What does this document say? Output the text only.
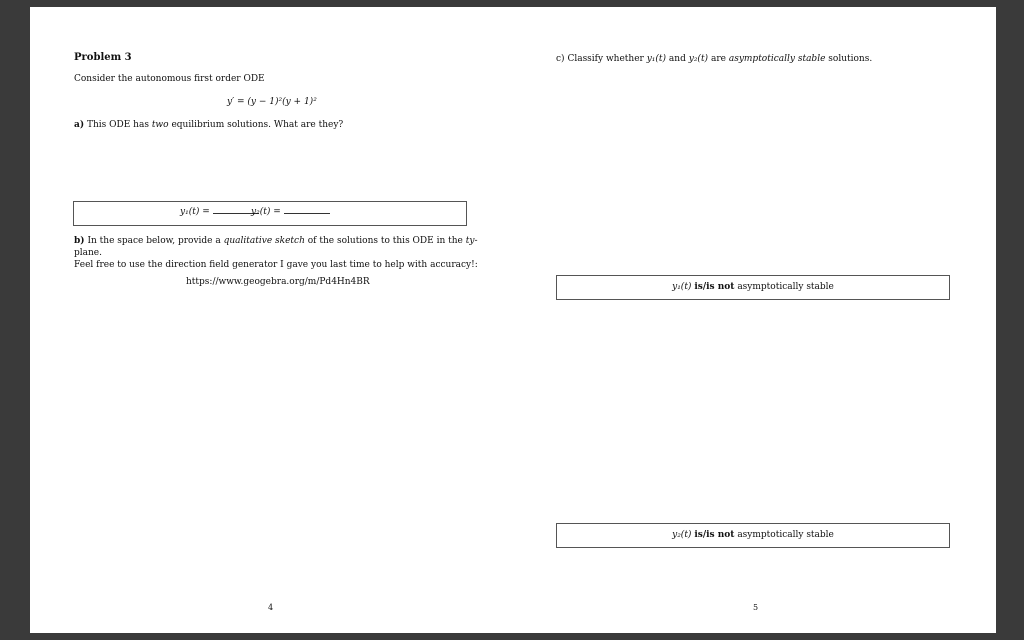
Problem 3
Consider the autonomous first order ODE
y′ = (y − 1)²(y + 1)²
a) This ODE has two equilibrium solutions. What are they?
y₁(t) =	y₂(t) =
b) In the space below, provide a qualitative sketch of the solutions to this ODE in the ty-plane.
Feel free to use the direction field generator I gave you last time to help with accuracy!:
https://www.geogebra.org/m/Pd4Hn4BR
4
c) Classify whether y₁(t) and y₂(t) are asymptotically stable solutions.
y₁(t) is/is not asymptotically stable
y₂(t) is/is not asymptotically stable
5
